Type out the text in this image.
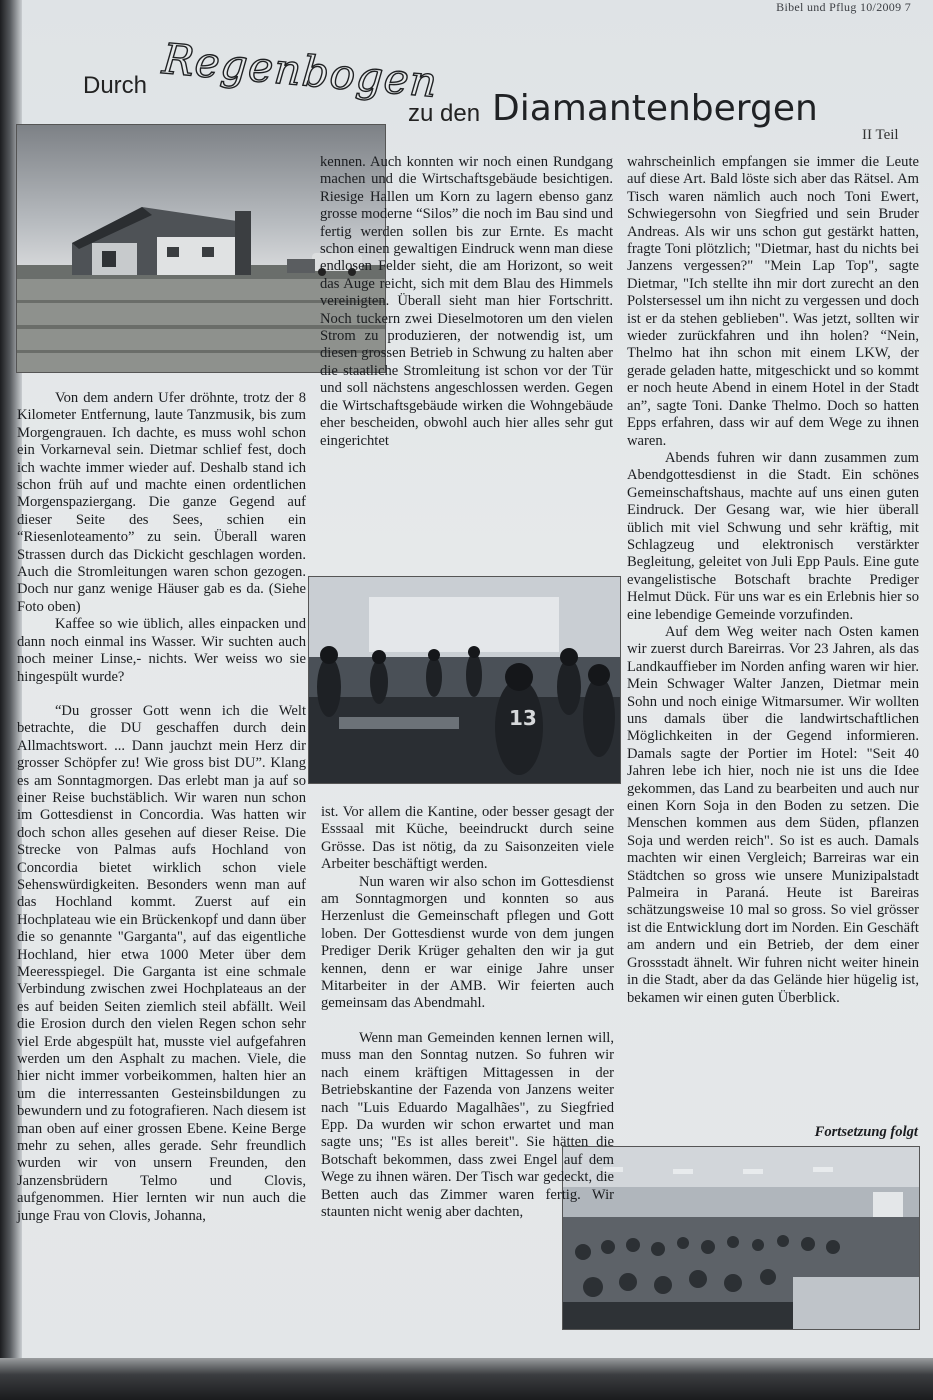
Bibel und Pflug 10/2009 7
Durch Regenbogen
zu den Diamantenbergen
II Teil
13

Von dem andern Ufer dröhnte, trotz der 8 Kilometer Entfernung, laute Tanzmusik, bis zum Morgengrauen. Ich dachte, es muss wohl schon ein Vorkarneval sein. Dietmar schlief fest, doch ich wachte immer wieder auf. Deshalb stand ich schon früh auf und machte einen ordentlichen Morgenspaziergang. Die ganze Gegend auf dieser Seite des Sees, schien ein “Riesenloteamento” zu sein. Überall waren Strassen durch das Dickicht geschlagen worden. Auch die Stromleitungen waren schon gezogen. Doch nur ganz wenige Häuser gab es da. (Siehe Foto oben)

Kaffee so wie üblich, alles einpacken und dann noch einmal ins Wasser. Wir suchten auch noch meiner Linse,- nichts. Wer weiss wo sie hingespült wurde?

“Du grosser Gott wenn ich die Welt betrachte, die DU geschaffen durch dein Allmachtswort. ... Dann jauchzt mein Herz dir grosser Schöpfer zu! Wie gross bist DU”. Klang es am Sonntagmorgen. Das erlebt man ja auf so einer Reise buchstäblich. Wir waren nun schon im Gottesdienst in Concordia. Was hatten wir doch schon alles gesehen auf dieser Reise. Die Strecke von Palmas aufs Hochland von Concordia bietet wirklich schon viele Sehenswürdigkeiten. Besonders wenn man auf das Hochland kommt. Zuerst auf ein Hochplateau wie ein Brückenkopf und dann über die so genannte "Garganta", auf das eigentliche Hochland, hier etwa 1000 Meter über dem Meeresspiegel. Die Garganta ist eine schmale Verbindung zwischen zwei Hochplateaus an der es auf beiden Seiten ziemlich steil abfällt. Weil die Erosion durch den vielen Regen schon sehr viel Erde abgespült hat, musste viel aufgefahren werden um den Asphalt zu machen. Viele, die hier nicht immer vorbeikommen, halten hier an um die interressanten Gesteinsbildungen zu bewundern und zu fotografieren. Nach diesem ist man oben auf einer grossen Ebene. Keine Berge mehr zu sehen, alles gerade. Sehr freundlich wurden wir von unsern Freunden, den Janzensbrüdern Telmo und Clovis, aufgenommen. Hier lernten wir nun auch die junge Frau von Clovis, Johanna,

kennen. Auch konnten wir noch einen Rundgang machen und die Wirtschaftsgebäude besichtigen. Riesige Hallen um Korn zu lagern ebenso ganz grosse moderne “Silos” die noch im Bau sind und fertig werden sollen bis zur Ernte. Es macht schon einen gewaltigen Eindruck wenn man diese endlosen Felder sieht, die am Horizont, so weit das Auge reicht, sich mit dem Blau des Himmels vereinigten. Überall sieht man hier Fortschritt. Noch tuckern zwei Dieselmotoren um den vielen Strom zu produzieren, der notwendig ist, um diesen grossen Betrieb in Schwung zu halten aber die staatliche Stromleitung ist schon vor der Tür und soll nächstens angeschlossen werden. Gegen die Wirtschaftsgebäude wirken die Wohngebäude eher bescheiden, obwohl auch hier alles sehr gut eingerichtet

ist. Vor allem die Kantine, oder besser gesagt der Esssaal mit Küche, beeindruckt durch seine Grösse. Das ist nötig, da zu Saisonzeiten viele Arbeiter beschäftigt werden.

Nun waren wir also schon im Gottesdienst am Sonntagmorgen und konnten so aus Herzenlust die Gemeinschaft pflegen und Gott loben. Der Gottesdienst wurde von dem jungen Prediger Derik Krüger gehalten den wir ja gut kennen, denn er war einige Jahre unser Mitarbeiter in der AMB. Wir feierten auch gemeinsam das Abendmahl.

Wenn man Gemeinden kennen lernen will, muss man den Sonntag nutzen. So fuhren wir nach einem kräftigen Mittagessen in der Betriebskantine der Fazenda von Janzens weiter nach "Luis Eduardo Magalhães", zu Siegfried Epp. Da wurden wir schon erwartet und man sagte uns; "Es ist alles bereit". Sie hätten die Botschaft bekommen, dass zwei Engel auf dem Wege zu ihnen wären. Der Tisch war gedeckt, die Betten auch das Zimmer waren fertig. Wir staunten nicht wenig aber dachten,

wahrscheinlich empfangen sie immer die Leute auf diese Art. Bald löste sich aber das Rätsel. Am Tisch waren nämlich auch noch Toni Ewert, Schwiegersohn von Siegfried und sein Bruder Andreas. Als wir uns schon gut gestärkt hatten, fragte Toni plötzlich; "Dietmar, hast du nichts bei Janzens vergessen?" "Mein Lap Top", sagte Dietmar, "Ich stellte ihn mir dort zurecht an den Polstersessel um ihn nicht zu vergessen und doch ist er da stehen geblieben". Was jetzt, sollten wir wieder zurückfahren und ihn holen? “Nein, Thelmo hat ihn schon mit einem LKW, der gerade geladen hatte, mitgeschickt und so kommt er noch heute Abend in einem Hotel in der Stadt an”, sagte Toni. Danke Thelmo. Doch so hatten Epps erfahren, dass wir auf dem Wege zu ihnen waren.

Abends fuhren wir dann zusammen zum Abendgottesdienst in die Stadt. Ein schönes Gemeinschaftshaus, machte auf uns einen guten Eindruck. Der Gesang war, wie hier überall üblich mit viel Schwung und sehr kräftig, mit Schlagzeug und elektronisch verstärkter Begleitung, geleitet von Juli Epp Pauls. Eine gute evangelistische Botschaft brachte Prediger Helmut Dück. Für uns war es ein Erlebnis hier so eine lebendige Gemeinde vorzufinden.

Auf dem Weg weiter nach Osten kamen wir zuerst durch Bareirras. Vor 23 Jahren, als das Landkauffieber im Norden anfing waren wir hier. Mein Schwager Walter Janzen, Dietmar mein Sohn und noch einige Witmarsumer. Wir wollten uns damals über die landwirtschaftlichen Möglichkeiten in der Gegend informieren. Damals sagte der Portier im Hotel: "Seit 40 Jahren lebe ich hier, noch nie ist uns die Idee gekommen, das Land zu bearbeiten und auch nur einen Korn Soja in den Boden zu setzen. Die Menschen kommen aus dem Süden, pflanzen Soja und werden reich". So ist es auch. Damals machten wir einen Vergleich; Barreiras war ein Städtchen so gross wie unsere Munizipalstadt Palmeira in Paraná. Heute ist Bareiras schätzungsweise 10 mal so gross. So viel grösser ist die Entwicklung dort im Norden. Ein Geschäft am andern und ein Betrieb, der dem einer Grossstadt ähnelt. Wir fuhren nicht weiter hinein in die Stadt, aber da das Gelände hier hügelig ist, bekamen wir einen guten Überblick.

Fortsetzung folgt
